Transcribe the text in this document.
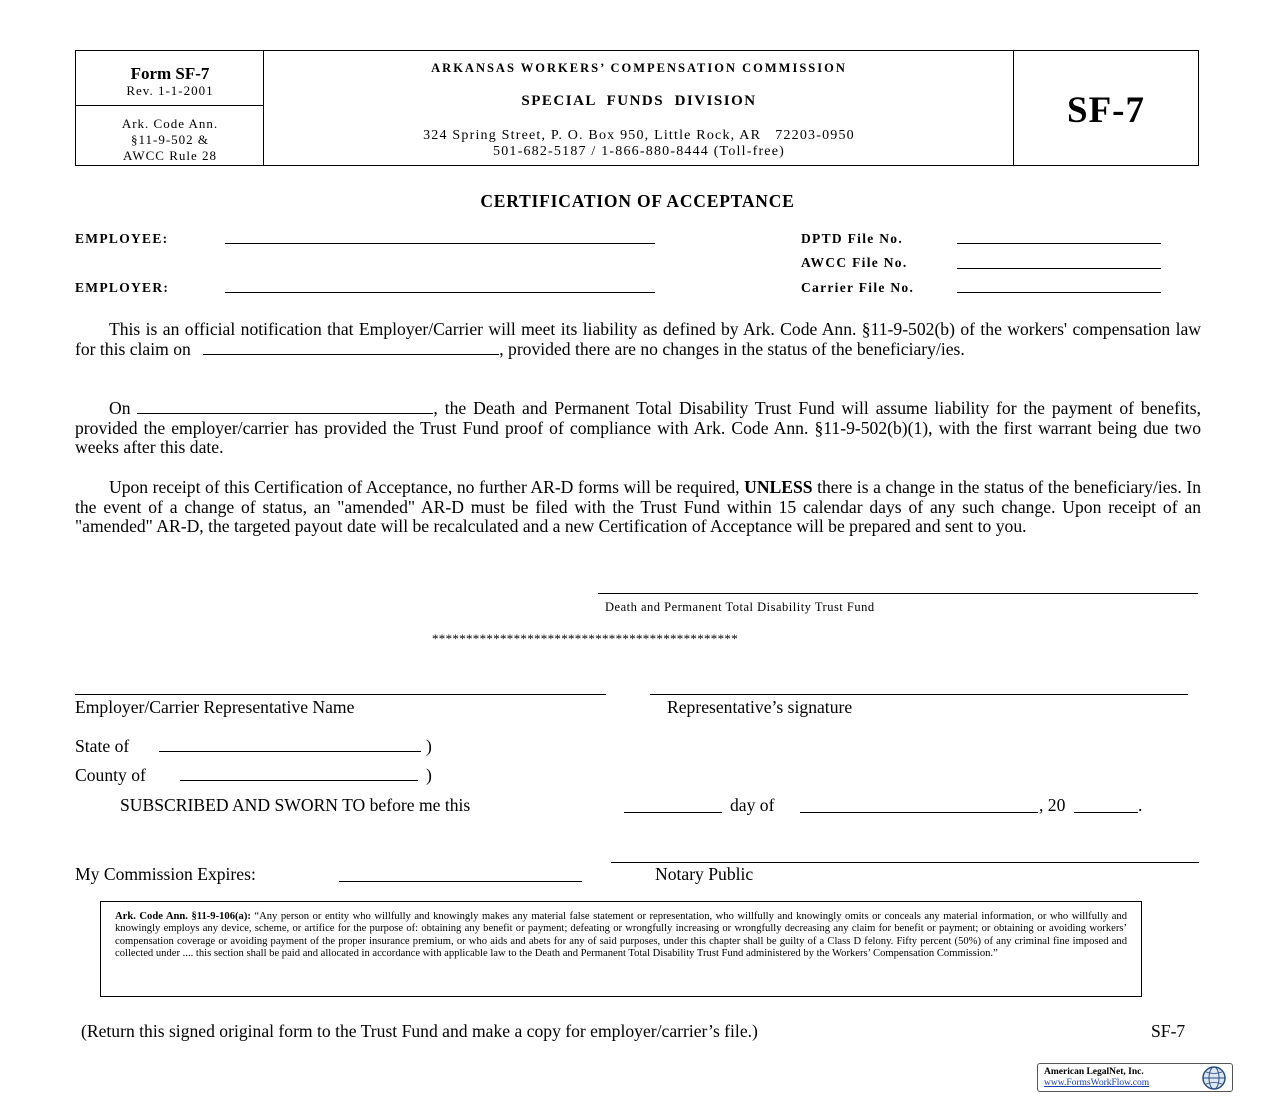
Form SF-7
Rev. 1-1-2001
Ark. Code Ann.
§11-9-502 &
AWCC Rule 28
ARKANSAS WORKERS’ COMPENSATION COMMISSION
SPECIAL  FUNDS  DIVISION
324 Spring Street, P. O. Box 950, Little Rock, AR   72203-0950
501-682-5187 / 1-866-880-8444 (Toll-free)
SF-7
CERTIFICATION OF ACCEPTANCE
EMPLOYEE:
EMPLOYER:
DPTD File No.
AWCC File No.
Carrier File No.
This is an official notification that Employer/Carrier will meet its liability as defined by Ark. Code Ann. §11-9-502(b) of the workers' compensation law for this claim on	, provided there are no changes in the status of the beneficiary/ies.
On	, the Death and Permanent Total Disability Trust Fund will assume liability for the payment of benefits, provided the employer/carrier has provided the Trust Fund proof of compliance with Ark. Code Ann. §11-9-502(b)(1), with the first warrant being due two weeks after this date.
Upon receipt of this Certification of Acceptance, no further AR-D forms will be required, UNLESS there is a change in the status of the beneficiary/ies. In the event of a change of status, an "amended" AR-D must be filed with the Trust Fund within 15 calendar days of any such change. Upon receipt of an "amended" AR-D, the targeted payout date will be recalculated and a new Certification of Acceptance will be prepared and sent to you.
Death and Permanent Total Disability Trust Fund
*********************************************
Employer/Carrier Representative Name	Representative’s signature
State of	)
County of	)
SUBSCRIBED AND SWORN TO before me this	day of	, 20	.
My Commission Expires:	Notary Public
Ark. Code Ann. §11-9-106(a): “Any person or entity who willfully and knowingly makes any material false statement or representation, who willfully and knowingly omits or conceals any material information, or who willfully and knowingly employs any device, scheme, or artifice for the purpose of: obtaining any benefit or payment; defeating or wrongfully increasing or wrongfully decreasing any claim for benefit or payment; or obtaining or avoiding workers’ compensation coverage or avoiding payment of the proper insurance premium, or who aids and abets for any of said purposes, under this chapter shall be guilty of a Class D felony. Fifty percent (50%) of any criminal fine imposed and collected under .... this section shall be paid and allocated in accordance with applicable law to the Death and Permanent Total Disability Trust Fund administered by the Workers’ Compensation Commission.”
(Return this signed original form to the Trust Fund and make a copy for employer/carrier’s file.)	SF-7
American LegalNet, Inc.
www.FormsWorkFlow.com
